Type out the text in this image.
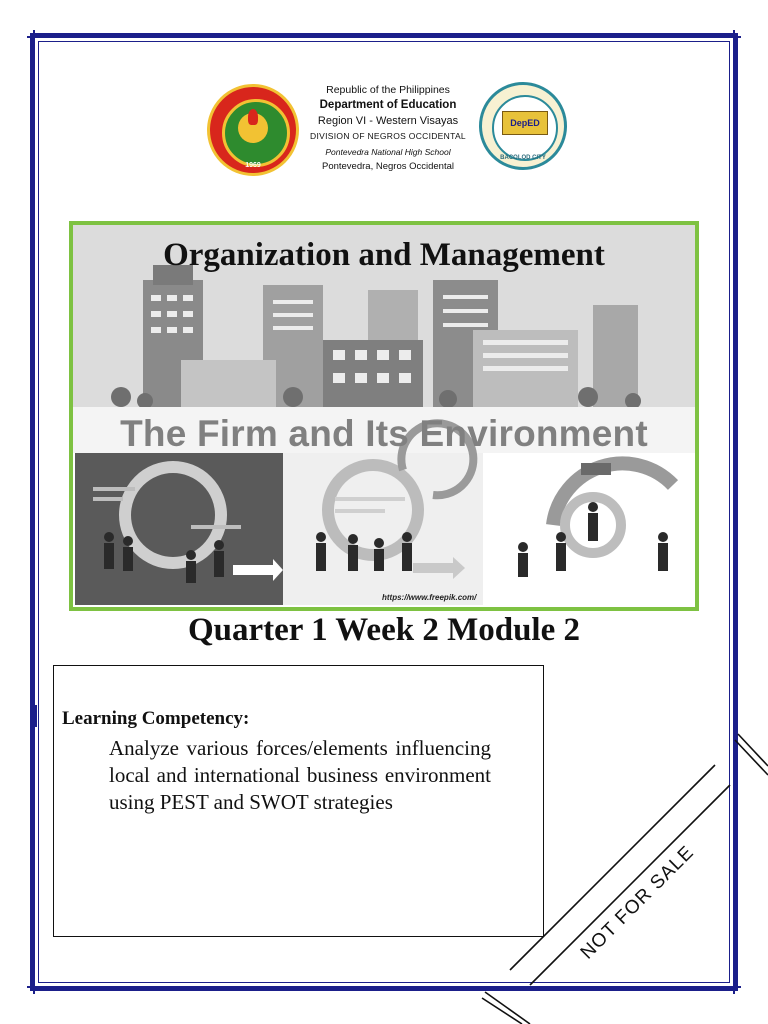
1969
DepED
BACOLOD CITY
Republic of the Philippines
Department of Education
Region VI - Western Visayas
DIVISION OF NEGROS OCCIDENTAL
Pontevedra National High School
Pontevedra, Negros Occidental
Organization and Management
The Firm and Its Environment
https://www.freepik.com/
Quarter 1 Week 2 Module 2
Learning Competency:
Analyze various forces/elements influencing local and international business environment using PEST and SWOT strategies
NOT FOR SALE
